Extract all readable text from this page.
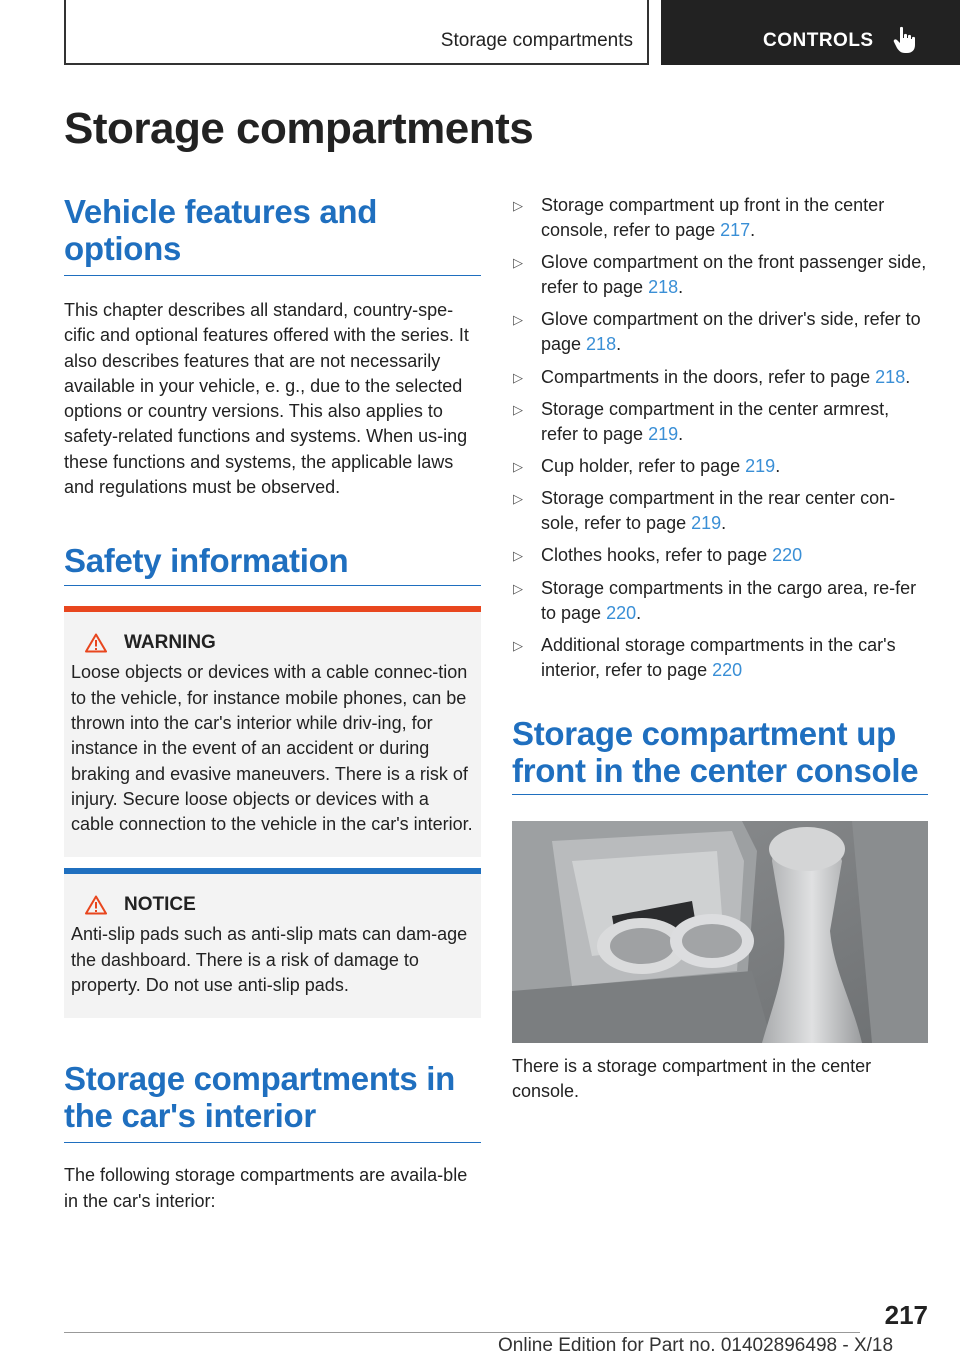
Storage compartments	CONTROLS
Storage compartments
Vehicle features and options

This chapter describes all standard, country-spe-cific and optional features offered with the series. It also describes features that are not necessarily available in your vehicle, e. g., due to the selected options or country versions. This also applies to safety-related functions and systems. When us-ing these functions and systems, the applicable laws and regulations must be observed.

Safety information
WARNING

Loose objects or devices with a cable connec-tion to the vehicle, for instance mobile phones, can be thrown into the car's interior while driv-ing, for instance in the event of an accident or during braking and evasive maneuvers. There is a risk of injury. Secure loose objects or devices with a cable connection to the vehicle in the car's interior.

NOTICE

Anti-slip pads such as anti-slip mats can dam-age the dashboard. There is a risk of damage to property. Do not use anti-slip pads.

Storage compartments in the car's interior

The following storage compartments are availa-ble in the car's interior:

▷ Storage compartment up front in the center console, refer to page 217.
▷ Glove compartment on the front passenger side, refer to page 218.
▷ Glove compartment on the driver's side, refer to page 218.
▷ Compartments in the doors, refer to page 218.
▷ Storage compartment in the center armrest, refer to page 219.
▷ Cup holder, refer to page 219.
▷ Storage compartment in the rear center con-sole, refer to page 219.
▷ Clothes hooks, refer to page 220
▷ Storage compartments in the cargo area, re-fer to page 220.
▷ Additional storage compartments in the car's interior, refer to page 220
Storage compartment up front in the center console

There is a storage compartment in the center console.

217
Online Edition for Part no. 01402896498 - X/18
